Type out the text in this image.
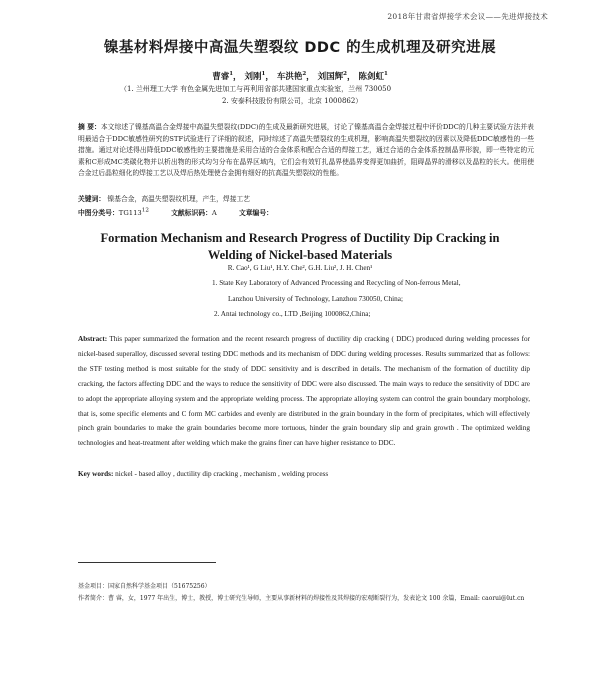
2018年甘肃省焊接学术会议——先进焊接技术
镍基材料焊接中高温失塑裂纹 DDC 的生成机理及研究进展
曹睿$^1$， 刘刚$^1$， 车洪艳$^2$， 刘国辉$^2$， 陈剑虹$^1$
（1. 兰州理工大学 有色金属先进加工与再利用省部共建国家重点实验室，兰州 730050
2. 安泰科技股份有限公司，北京 1000862）
摘 要：本文综述了镍基高温合金焊接中高温失塑裂纹(DDC)的生成及最新研究进展，讨论了镍基高温合金焊接过程中评价DDC的几种主要试验方法并表明最适合于DDC敏感性研究的STF试验进行了详细的叙述，同时综述了高温失塑裂纹的生成机理，影响高温失塑裂纹的因素以及降低DDC敏感性的一些措施。通过对论述得出降低DDC敏感性的主要措施是采用合适的合金体系和配合合适的焊接工艺，通过合适的合金体系控制晶界形貌，即一些特定的元素和C形成MC类碳化物并以析出物的形式均匀分布在晶界区域内，它们会有效钉扎晶界使晶界变得更加曲折，阻碍晶界的滑移以及晶粒的长大。使用使合金过后晶粒细化的焊接工艺以及焊后热处理使合金拥有细好的抗高温失塑裂纹的性能。
关键词： 镍基合金，高温失塑裂纹机理，产生，焊接工艺
中图分类号：$TG113^{12}$	文献标识码：A	文章编号：
Formation Mechanism and Research Progress of Ductility Dip Cracking in
Welding of Nickel-based Materials
R. Cao¹, G Liu¹, H.Y. Che², G.H. Liu², J. H. Chen¹
1. State Key Laboratory of Advanced Processing and Recycling of Non-ferrous Metal,
Lanzhou University of Technology, Lanzhou 730050, China;
2. Antai technology co., LTD ,Beijing 1000862,China;
Abstract: This paper summarized the formation and the recent research progress of ductility dip cracking ( DDC) produced during welding processes for nickel-based superalloy, discussed several testing DDC methods and its mechanism of DDC during welding processes. Results summarized that as follows: the STF testing method is most suitable for the study of DDC sensitivity and is described in details. The mechanism of the formation of ductility dip cracking, the factors affecting DDC and the ways to reduce the sensitivity of DDC were also discussed. The main ways to reduce the sensitivity of DDC are to adopt the appropriate alloying system and the appropriate welding process. The appropriate alloying system can control the grain boundary morphology, that is, some specific elements and C form MC carbides and evenly are distributed in the grain boundary in the form of precipitates, which will effectively pinch grain boundaries to make the grain boundaries become more tortuous, hinder the grain boundary slip and grain growth . The optimized welding technologies and heat-treatment after welding which make the grains finer can have higher resistance to DDC.
Key words: nickel - based alloy , ductility dip cracking , mechanism , welding process
基金项目：国家自然科学基金项目（51675256）
作者简介：曹 睿，女，1977 年出生，博士，教授，博士研究生导师，主要从事新材料的焊接性及其焊接的宏观断裂行为，发表论文 100 余篇，Email: caorui@lut.cn
